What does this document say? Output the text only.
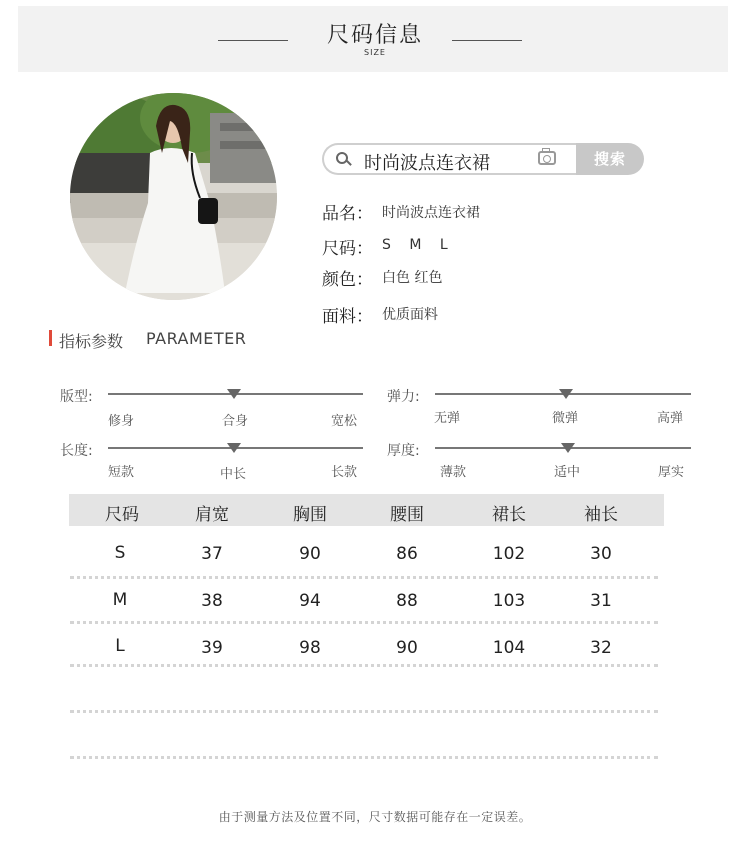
尺码信息
SIZE
时尚波点连衣裙	搜索
品名： 时尚波点连衣裙
尺码： S M L
颜色： 白色 红色
面料： 优质面料
指标参数 PARAMETER
版型:
修身	合身	宽松
弹力:
无弹	微弹	高弹
长度:
短款	中长	长款
厚度:
薄款	适中	厚实
尺码	肩宽	胸围	腰围	裙长	袖长
S	37	90	86	102	30
M	38	94	88	103	31
L	39	98	90	104	32
由于测量方法及位置不同，尺寸数据可能存在一定误差。
